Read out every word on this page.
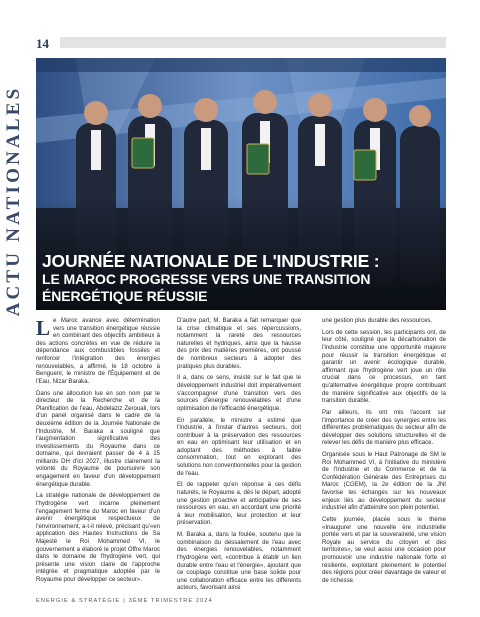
14
ACTU NATIONALES JOURNÉE NATIONALE DE L'INDUSTRIE :
LE MAROC PROGRESSE VERS UNE TRANSITION ÉNERGÉTIQUE RÉUSSIE

Le Maroc avance avec détermination vers une transition énergétique réussie en combinant des objectifs ambitieux à des actions concrètes en vue de réduire la dépendance aux combustibles fossiles et renforcer l'intégration des énergies renouvelables, a affirmé, le 18 octobre à Benguerir, le ministre de l'Équipement et de l'Eau, Nizar Baraka.

Dans une allocution lue en son nom par le directeur de la Recherche et de la Planification de l'eau, Abdelaziz Zerouali, lors d'un panel organisé dans le cadre de la deuxième édition de la Journée Nationale de l'Industrie, M. Baraka a souligné que l'augmentation significative des investissements du Royaume dans ce domaine, qui devraient passer de 4 à 15 milliards DH d'ici 2027, illustre clairement la volonté du Royaume de poursuivre son engagement en faveur d'un développement énergétique durable.

La stratégie nationale de développement de l'hydrogène vert incarne pleinement l'engagement ferme du Maroc en faveur d'un avenir énergétique respectueux de l'environnement, a-t-il relevé, précisant qu'«en application des Hautes Instructions de Sa Majesté le Roi Mohammed VI, le gouvernement a élaboré le projet Offre Maroc dans le domaine de l'hydrogène vert, qui présente une vision claire de l'approche intégrée et pragmatique adoptée par le Royaume pour développer ce secteur».

D'autre part, M. Baraka a fait remarquer que la crise climatique et ses répercussions, notamment la rareté des ressources naturelles et hydriques, ainsi que la hausse des prix des matières premières, ont poussé de nombreux secteurs à adopter des pratiques plus durables.

Il a, dans ce sens, insisté sur le fait que le développement industriel doit impérativement s'accompagner d'une transition vers des sources d'énergie renouvelables et d'une optimisation de l'efficacité énergétique.

En parallèle, le ministre a estimé que l'industrie, à l'instar d'autres secteurs, doit contribuer à la préservation des ressources en eau en optimisant leur utilisation et en adoptant des méthodes à faible consommation, tout en explorant des solutions non conventionnelles pour la gestion de l'eau.

Et de rappeler qu'en réponse à ces défis naturels, le Royaume a, dès le départ, adopté une gestion proactive et anticipative de ses ressources en eau, en accordant une priorité à leur mobilisation, leur protection et leur préservation.

M. Baraka a, dans la foulée, soutenu que la combinaison du dessalement de l'eau avec des énergies renouvelables, notamment l'hydrogène vert, «contribue à établir un lien durable entre l'eau et l'énergie», ajoutant que ce couplage constitue une base solide pour une collaboration efficace entre les différents acteurs, favorisant ainsi

une gestion plus durable des ressources.

Lors de cette session, les participants ont, de leur côté, souligné que la décarbonation de l'industrie constitue une opportunité majeure pour réussir la transition énergétique et garantir un avenir écologique durable, affirmant que l'hydrogène vert joue un rôle crucial dans ce processus, en tant qu'alternative énergétique propre contribuant de manière significative aux objectifs de la transition durable.

Par ailleurs, ils ont mis l'accent sur l'importance de créer des synergies entre les différentes problématiques du secteur afin de développer des solutions structurelles et de relever les défis de manière plus efficace.

Organisée sous le Haut Patronage de SM le Roi Mohammed VI, à l'initiative du ministère de l'Industrie et du Commerce et de la Confédération Générale des Entreprises du Maroc (CGEM), la 2e édition de la JNI favorise les échanges sur les nouveaux enjeux liés au développement du secteur industriel afin d'atteindre son plein potentiel.

Cette journée, placée sous le thème «Inaugurer une nouvelle ère industrielle portée vers et par la souveraineté, une vision Royale au service du citoyen et des territoires», se veut aussi une occasion pour promouvoir une industrie nationale forte et résiliente, exploitant pleinement le potentiel des régions pour créer davantage de valeur et de richesse.

ENERGIE & STRATÉGIE | 3ÈME TRIMESTRE 2024
